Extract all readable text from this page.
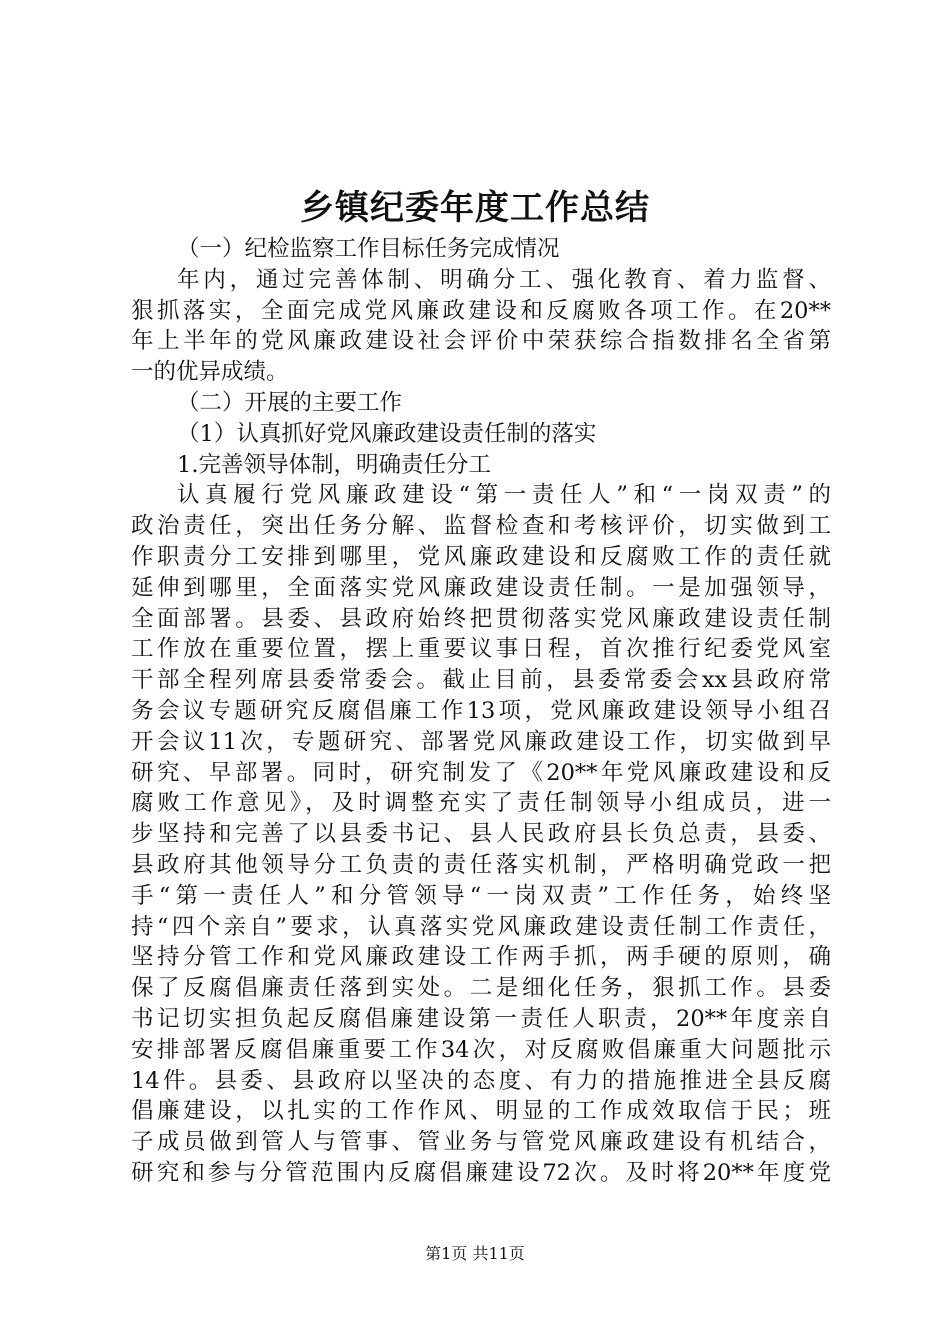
乡镇纪委年度工作总结
（一）纪检监察工作目标任务完成情况
年内，通过完善体制、明确分工、强化教育、着力监督、
狠抓落实，全面完成党风廉政建设和反腐败各项工作。在20**
年上半年的党风廉政建设社会评价中荣获综合指数排名全省第
一的优异成绩。
（二）开展的主要工作
（1）认真抓好党风廉政建设责任制的落实
1.完善领导体制，明确责任分工
认真履行党风廉政建设“第一责任人”和“一岗双责”的
政治责任，突出任务分解、监督检查和考核评价，切实做到工
作职责分工安排到哪里，党风廉政建设和反腐败工作的责任就
延伸到哪里，全面落实党风廉政建设责任制。一是加强领导，
全面部署。县委、县政府始终把贯彻落实党风廉政建设责任制
工作放在重要位置，摆上重要议事日程，首次推行纪委党风室
干部全程列席县委常委会。截止目前，县委常委会xx县政府常
务会议专题研究反腐倡廉工作13项，党风廉政建设领导小组召
开会议11次，专题研究、部署党风廉政建设工作，切实做到早
研究、早部署。同时，研究制发了《20**年党风廉政建设和反
腐败工作意见》，及时调整充实了责任制领导小组成员，进一
步坚持和完善了以县委书记、县人民政府县长负总责，县委、
县政府其他领导分工负责的责任落实机制，严格明确党政一把
手“第一责任人”和分管领导“一岗双责”工作任务，始终坚
持“四个亲自”要求，认真落实党风廉政建设责任制工作责任，
坚持分管工作和党风廉政建设工作两手抓，两手硬的原则，确
保了反腐倡廉责任落到实处。二是细化任务，狠抓工作。县委
书记切实担负起反腐倡廉建设第一责任人职责，20**年度亲自
安排部署反腐倡廉重要工作34次，对反腐败倡廉重大问题批示
14件。县委、县政府以坚决的态度、有力的措施推进全县反腐
倡廉建设，以扎实的工作作风、明显的工作成效取信于民；班
子成员做到管人与管事、管业务与管党风廉政建设有机结合，
研究和参与分管范围内反腐倡廉建设72次。及时将20**年度党
第1页 共11页
